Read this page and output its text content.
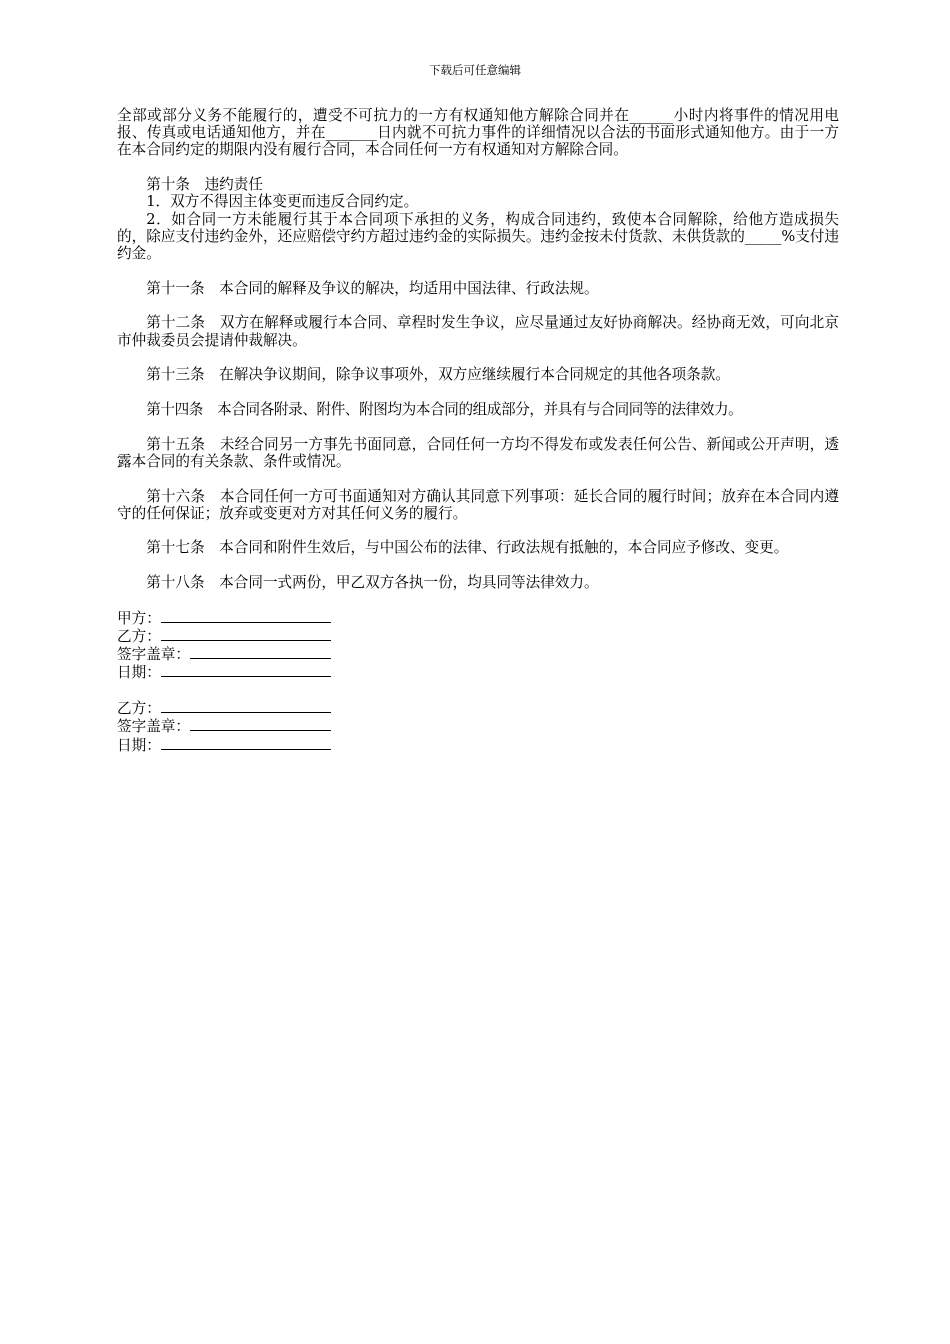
下载后可任意编辑

全部或部分义务不能履行的，遭受不可抗力的一方有权通知他方解除合同并在______小时内将事件的情况用电报、传真或电话通知他方，并在_______日内就不可抗力事件的详细情况以合法的书面形式通知他方。由于一方在本合同约定的期限内没有履行合同，本合同任何一方有权通知对方解除合同。

第十条　违约责任

1．双方不得因主体变更而违反合同约定。

2．如合同一方未能履行其于本合同项下承担的义务，构成合同违约，致使本合同解除，给他方造成损失的，除应支付违约金外，还应赔偿守约方超过违约金的实际损失。违约金按未付货款、未供货款的_____%支付违约金。

第十一条　本合同的解释及争议的解决，均适用中国法律、行政法规。

第十二条　双方在解释或履行本合同、章程时发生争议，应尽量通过友好协商解决。经协商无效，可向北京市仲裁委员会提请仲裁解决。

第十三条　在解决争议期间，除争议事项外，双方应继续履行本合同规定的其他各项条款。

第十四条　本合同各附录、附件、附图均为本合同的组成部分，并具有与合同同等的法律效力。

第十五条　未经合同另一方事先书面同意，合同任何一方均不得发布或发表任何公告、新闻或公开声明，透露本合同的有关条款、条件或情况。

第十六条　本合同任何一方可书面通知对方确认其同意下列事项：延长合同的履行时间；放弃在本合同内遵守的任何保证；放弃或变更对方对其任何义务的履行。

第十七条　本合同和附件生效后，与中国公布的法律、行政法规有抵触的，本合同应予修改、变更。

第十八条　本合同一式两份，甲乙双方各执一份，均具同等法律效力。

甲方：

乙方：

签字盖章：

日期：

乙方：

签字盖章：

日期：
